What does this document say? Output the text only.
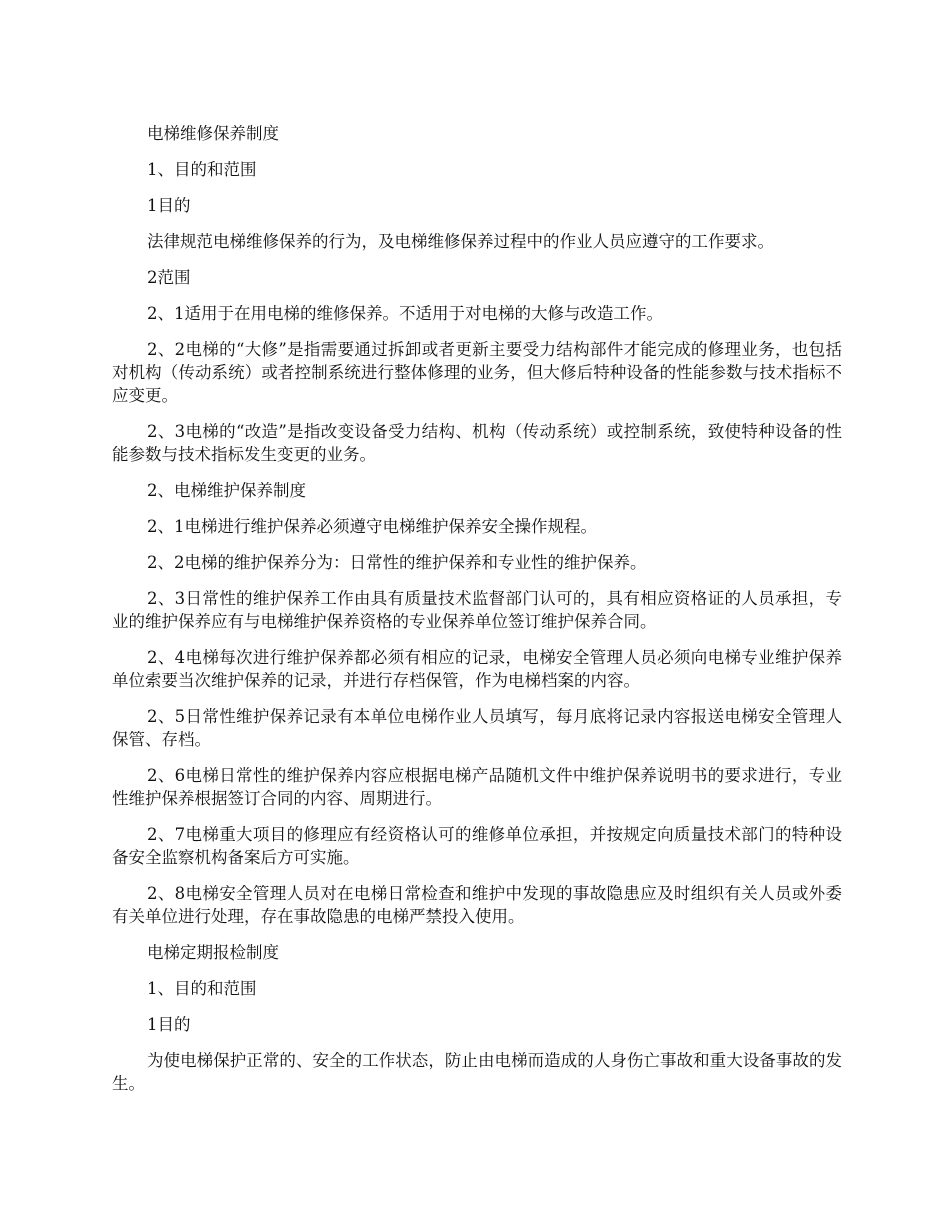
电梯维修保养制度

1、目的和范围

1目的

法律规范电梯维修保养的行为，及电梯维修保养过程中的作业人员应遵守的工作要求。

2范围

2、1适用于在用电梯的维修保养。不适用于对电梯的大修与改造工作。

2、2电梯的“大修”是指需要通过拆卸或者更新主要受力结构部件才能完成的修理业务，也包括对机构（传动系统）或者控制系统进行整体修理的业务，但大修后特种设备的性能参数与技术指标不应变更。

2、3电梯的“改造”是指改变设备受力结构、机构（传动系统）或控制系统，致使特种设备的性能参数与技术指标发生变更的业务。

2、电梯维护保养制度

2、1电梯进行维护保养必须遵守电梯维护保养安全操作规程。

2、2电梯的维护保养分为：日常性的维护保养和专业性的维护保养。

2、3日常性的维护保养工作由具有质量技术监督部门认可的，具有相应资格证的人员承担，专业的维护保养应有与电梯维护保养资格的专业保养单位签订维护保养合同。

2、4电梯每次进行维护保养都必须有相应的记录，电梯安全管理人员必须向电梯专业维护保养单位索要当次维护保养的记录，并进行存档保管，作为电梯档案的内容。

2、5日常性维护保养记录有本单位电梯作业人员填写，每月底将记录内容报送电梯安全管理人保管、存档。

2、6电梯日常性的维护保养内容应根据电梯产品随机文件中维护保养说明书的要求进行，专业性维护保养根据签订合同的内容、周期进行。

2、7电梯重大项目的修理应有经资格认可的维修单位承担，并按规定向质量技术部门的特种设备安全监察机构备案后方可实施。

2、8电梯安全管理人员对在电梯日常检查和维护中发现的事故隐患应及时组织有关人员或外委有关单位进行处理，存在事故隐患的电梯严禁投入使用。

电梯定期报检制度

1、目的和范围

1目的

为使电梯保护正常的、安全的工作状态，防止由电梯而造成的人身伤亡事故和重大设备事故的发生。
